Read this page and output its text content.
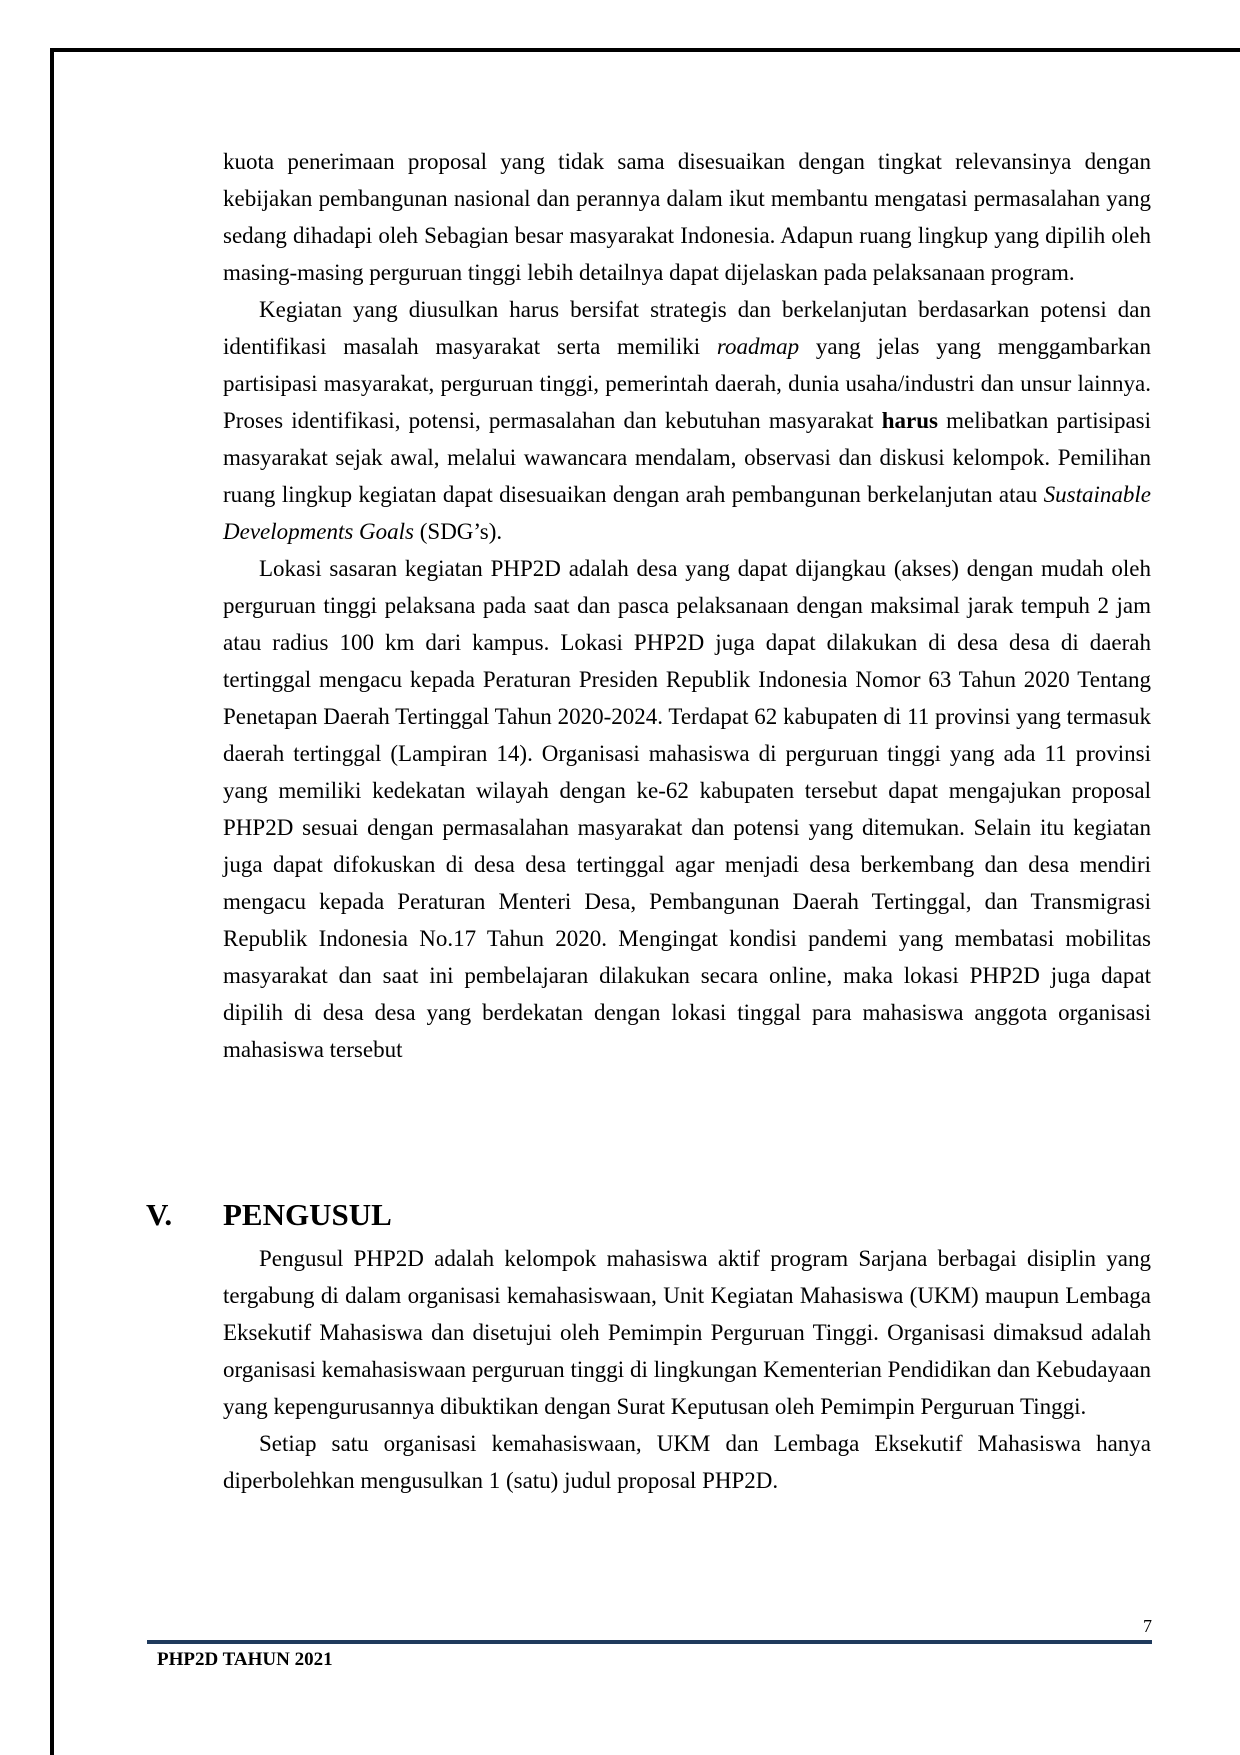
kuota penerimaan proposal yang tidak sama disesuaikan dengan tingkat relevansinya dengan kebijakan pembangunan nasional dan perannya dalam ikut membantu mengatasi permasalahan yang sedang dihadapi oleh Sebagian besar masyarakat Indonesia. Adapun ruang lingkup yang dipilih oleh masing-masing perguruan tinggi lebih detailnya dapat dijelaskan pada pelaksanaan program.

Kegiatan yang diusulkan harus bersifat strategis dan berkelanjutan berdasarkan potensi dan identifikasi masalah masyarakat serta memiliki roadmap yang jelas yang menggambarkan partisipasi masyarakat, perguruan tinggi, pemerintah daerah, dunia usaha/industri dan unsur lainnya. Proses identifikasi, potensi, permasalahan dan kebutuhan masyarakat harus melibatkan partisipasi masyarakat sejak awal, melalui wawancara mendalam, observasi dan diskusi kelompok. Pemilihan ruang lingkup kegiatan dapat disesuaikan dengan arah pembangunan berkelanjutan atau Sustainable Developments Goals (SDG’s).

Lokasi sasaran kegiatan PHP2D adalah desa yang dapat dijangkau (akses) dengan mudah oleh perguruan tinggi pelaksana pada saat dan pasca pelaksanaan dengan maksimal jarak tempuh 2 jam atau radius 100 km dari kampus. Lokasi PHP2D juga dapat dilakukan di desa desa di daerah tertinggal mengacu kepada Peraturan Presiden Republik Indonesia Nomor 63 Tahun 2020 Tentang Penetapan Daerah Tertinggal Tahun 2020-2024. Terdapat 62 kabupaten di 11 provinsi yang termasuk daerah tertinggal (Lampiran 14). Organisasi mahasiswa di perguruan tinggi yang ada 11 provinsi yang memiliki kedekatan wilayah dengan ke-62 kabupaten tersebut dapat mengajukan proposal PHP2D sesuai dengan permasalahan masyarakat dan potensi yang ditemukan. Selain itu kegiatan juga dapat difokuskan di desa desa tertinggal agar menjadi desa berkembang dan desa mendiri mengacu kepada Peraturan Menteri Desa, Pembangunan Daerah Tertinggal, dan Transmigrasi Republik Indonesia No.17 Tahun 2020. Mengingat kondisi pandemi yang membatasi mobilitas masyarakat dan saat ini pembelajaran dilakukan secara online, maka lokasi PHP2D juga dapat dipilih di desa desa yang berdekatan dengan lokasi tinggal para mahasiswa anggota organisasi mahasiswa tersebut

V. PENGUSUL

Pengusul PHP2D adalah kelompok mahasiswa aktif program Sarjana berbagai disiplin yang tergabung di dalam organisasi kemahasiswaan, Unit Kegiatan Mahasiswa (UKM) maupun Lembaga Eksekutif Mahasiswa dan disetujui oleh Pemimpin Perguruan Tinggi. Organisasi dimaksud adalah organisasi kemahasiswaan perguruan tinggi di lingkungan Kementerian Pendidikan dan Kebudayaan yang kepengurusannya dibuktikan dengan Surat Keputusan oleh Pemimpin Perguruan Tinggi.

Setiap satu organisasi kemahasiswaan, UKM dan Lembaga Eksekutif Mahasiswa hanya diperbolehkan mengusulkan 1 (satu) judul proposal PHP2D.

7
PHP2D TAHUN 2021
